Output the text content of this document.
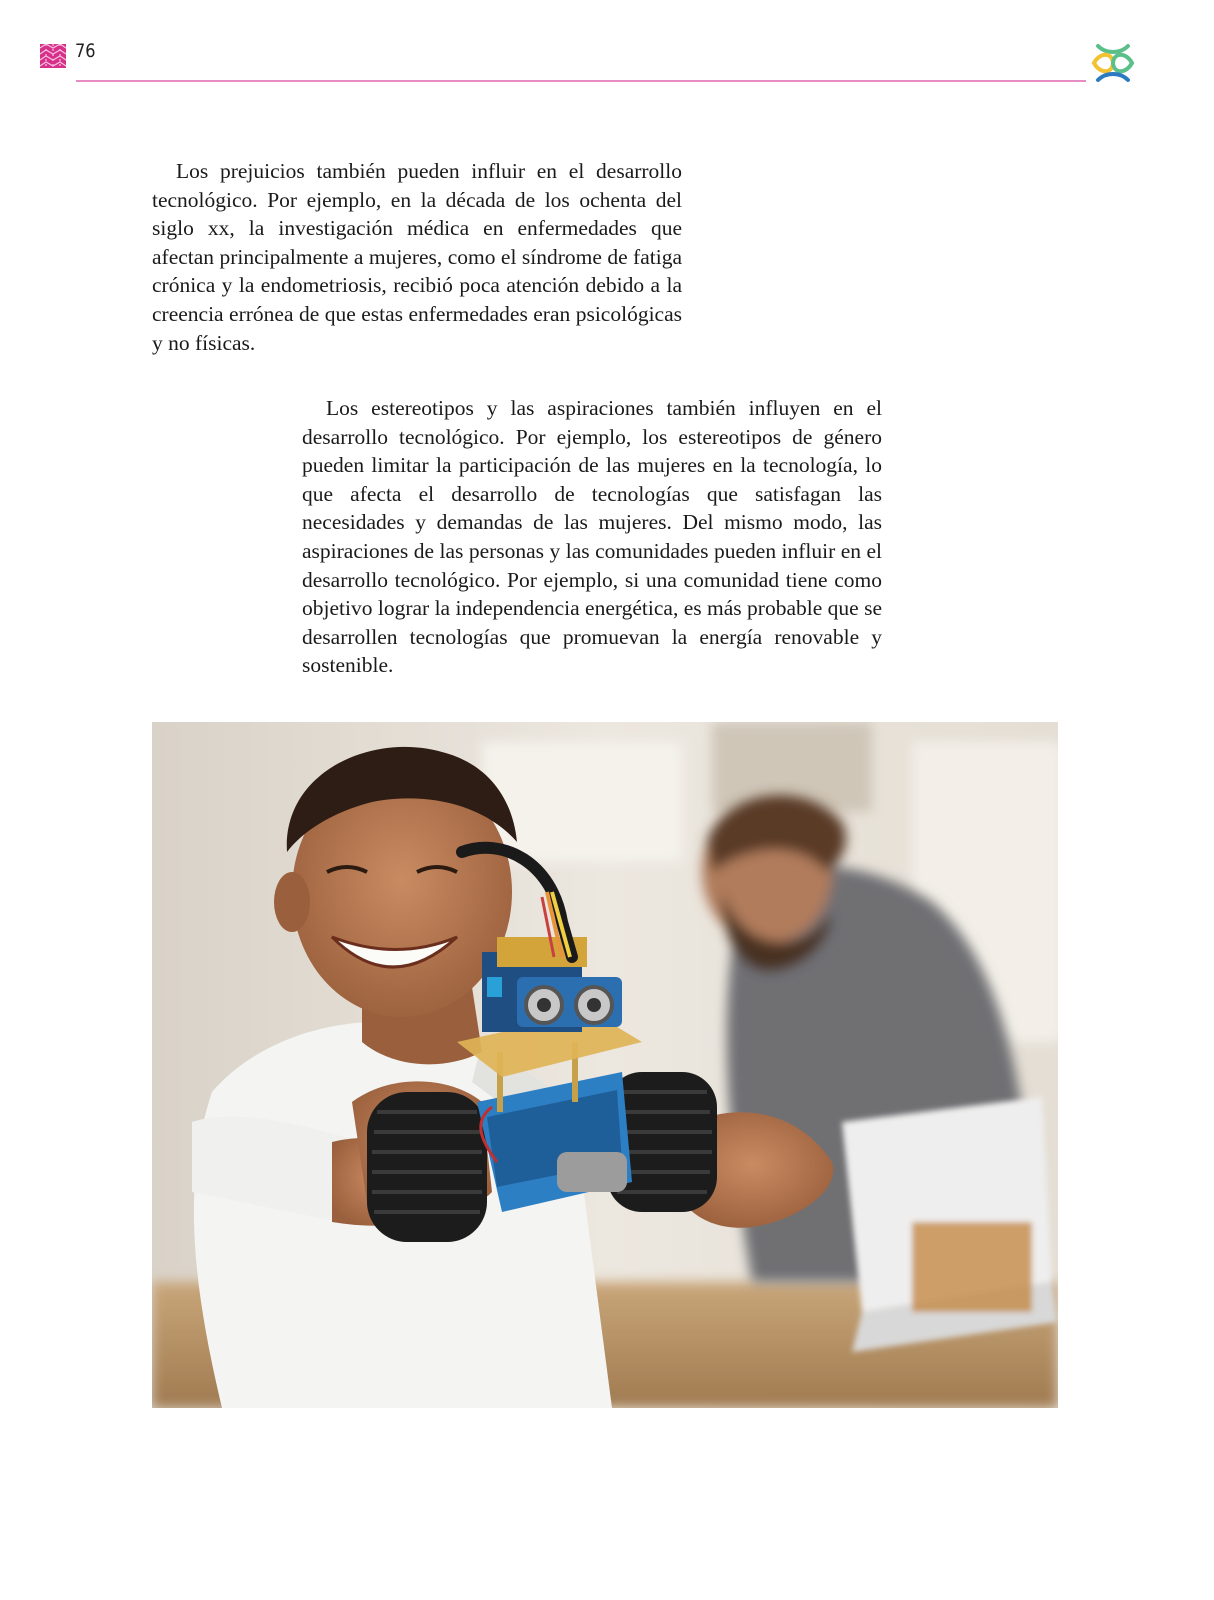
76

Los prejuicios también pueden influir en el desarrollo tecnológico. Por ejemplo, en la década de los ochenta del siglo xx, la investigación médica en enfermedades que afectan principalmente a mujeres, como el síndrome de fatiga crónica y la endometriosis, recibió poca atención debido a la creencia errónea de que estas enfermedades eran psicológicas y no físicas.

Los estereotipos y las aspiraciones también influyen en el desarrollo tecnológico. Por ejemplo, los estereotipos de género pueden limitar la participación de las mujeres en la tecnología, lo que afecta el desarrollo de tecnologías que satisfagan las necesidades y demandas de las mujeres. Del mismo modo, las aspiraciones de las personas y las comunidades pueden influir en el desarrollo tecnológico. Por ejemplo, si una comunidad tiene como objetivo lograr la independencia energética, es más probable que se desarrollen tecnologías que promuevan la energía renovable y sostenible.
